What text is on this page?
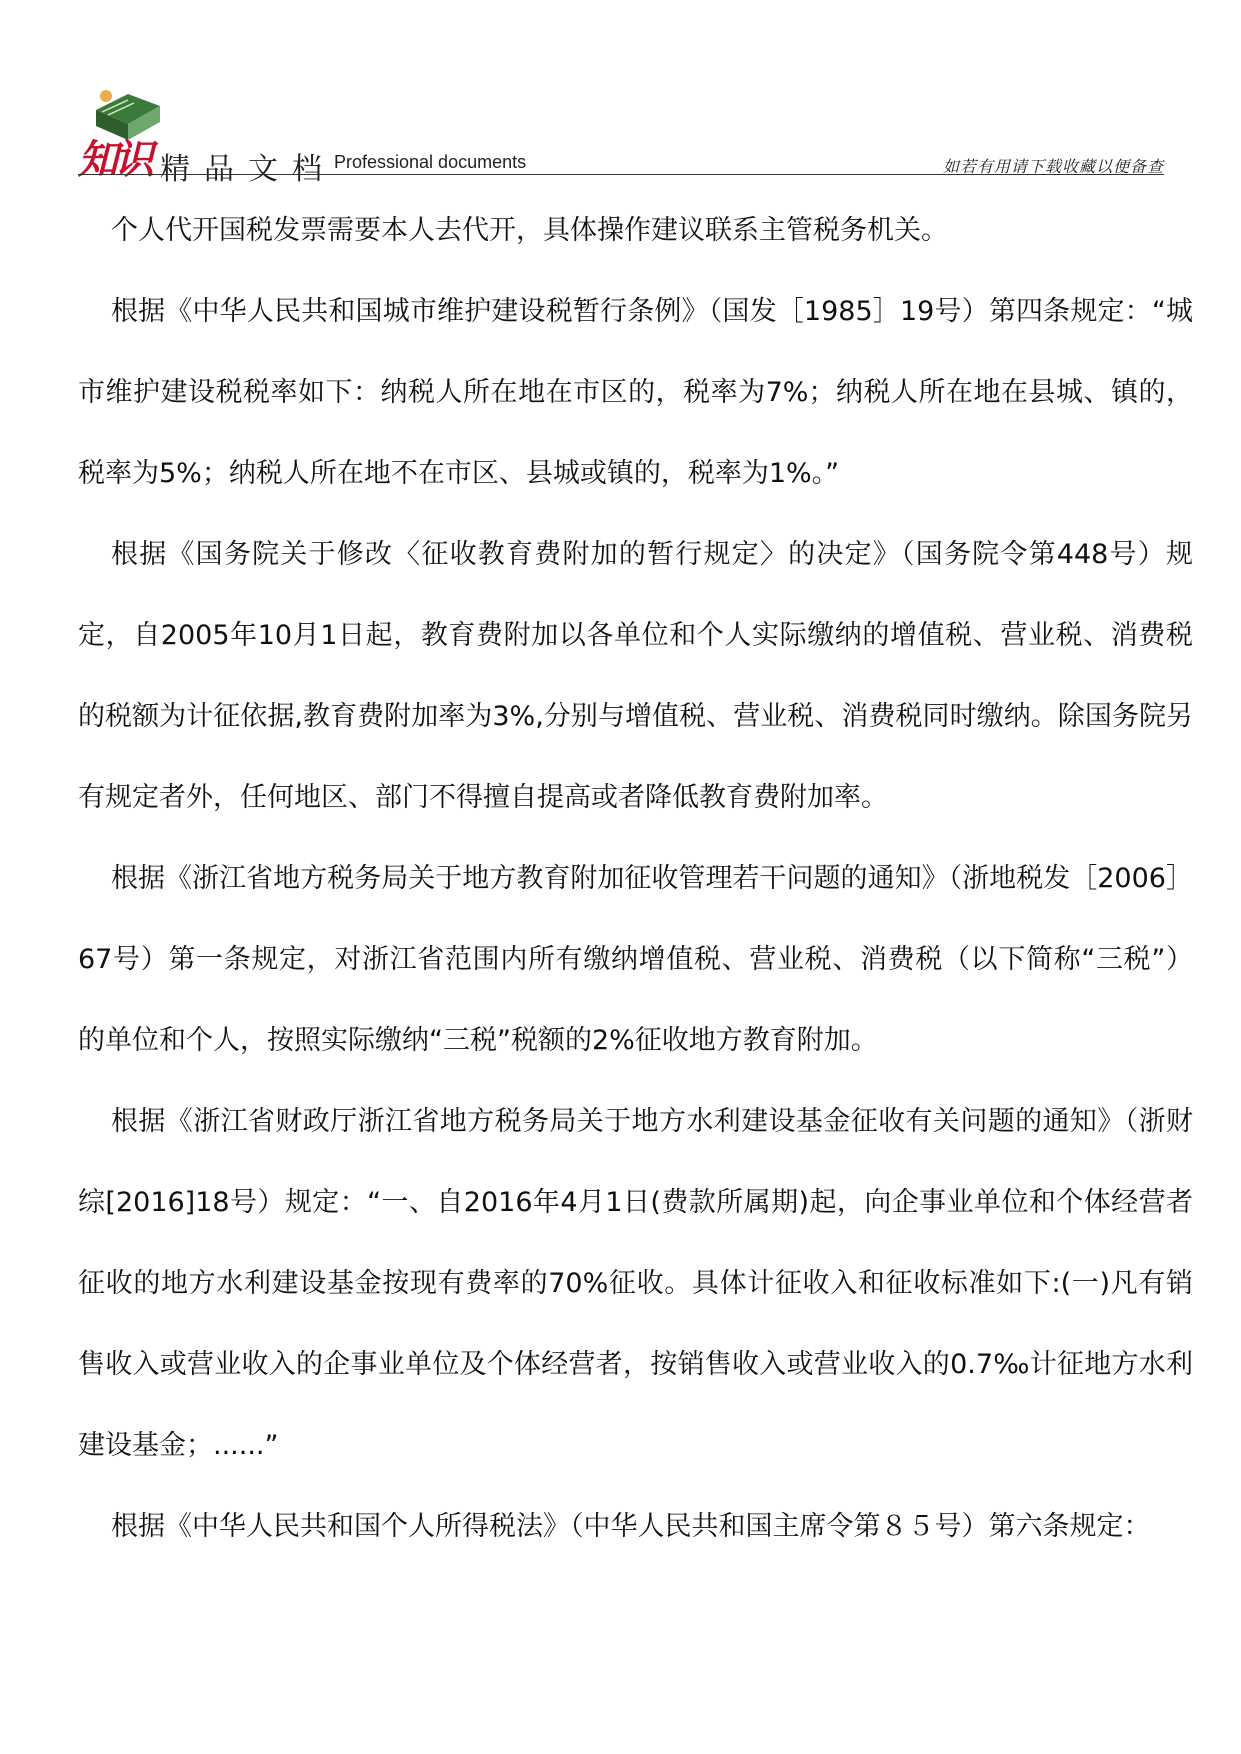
知识 精品文档
Professional documents	如若有用请下载收藏以便备查

个人代开国税发票需要本人去代开，具体操作建议联系主管税务机关。

根据《中华人民共和国城市维护建设税暂行条例》（国发［1985］19号）第四条规定：“城市维护建设税税率如下：纳税人所在地在市区的，税率为7%；纳税人所在地在县城、镇的，税率为5%；纳税人所在地不在市区、县城或镇的，税率为1%。”

根据《国务院关于修改〈征收教育费附加的暂行规定〉的决定》（国务院令第448号）规定，自2005年10月1日起，教育费附加以各单位和个人实际缴纳的增值税、营业税、消费税的税额为计征依据,教育费附加率为3%,分别与增值税、营业税、消费税同时缴纳。除国务院另有规定者外，任何地区、部门不得擅自提高或者降低教育费附加率。

根据《浙江省地方税务局关于地方教育附加征收管理若干问题的通知》（浙地税发［2006］67号）第一条规定，对浙江省范围内所有缴纳增值税、营业税、消费税（以下简称“三税”）的单位和个人，按照实际缴纳“三税”税额的2%征收地方教育附加。

根据《浙江省财政厅浙江省地方税务局关于地方水利建设基金征收有关问题的通知》（浙财综[2016]18号）规定：“一、自2016年4月1日(费款所属期)起，向企事业单位和个体经营者征收的地方水利建设基金按现有费率的70%征收。具体计征收入和征收标准如下:(一)凡有销售收入或营业收入的企事业单位及个体经营者，按销售收入或营业收入的0.7‰计征地方水利建设基金；......”

根据《中华人民共和国个人所得税法》（中华人民共和国主席令第８５号）第六条规定：
